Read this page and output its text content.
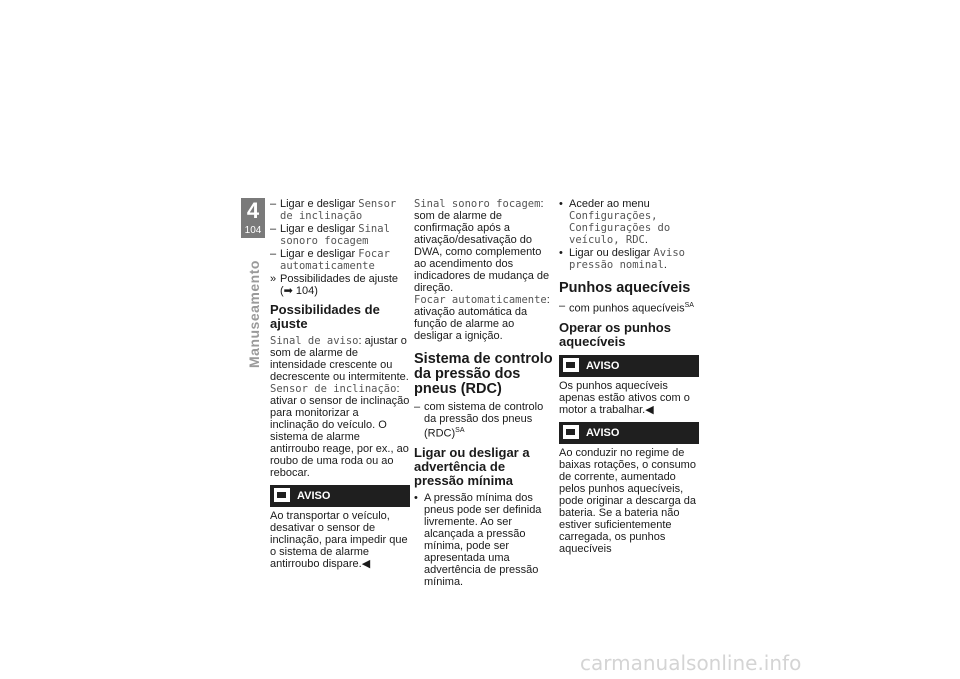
4
104
Manuseamento
– Ligar e desligar Sensor de inclinação
– Ligar e desligar Sinal sonoro focagem
– Ligar e desligar Focar automaticamente
» Possibilidades de ajuste (➡ 104)
Possibilidades de ajuste
Sinal de aviso: ajustar o som de alarme de intensidade crescente ou decrescente ou intermitente.
Sensor de inclinação: ativar o sensor de inclinação para monitorizar a inclinação do veículo. O sistema de alarme antirroubo reage, por ex., ao roubo de uma roda ou ao rebocar.
AVISO
Ao transportar o veículo, desativar o sensor de inclinação, para impedir que o sistema de alarme antirroubo dispare.◀
Sinal sonoro focagem: som de alarme de confirmação após a ativação/desativação do DWA, como complemento ao acendimento dos indicadores de mudança de direção.
Focar automaticamente: ativação automática da função de alarme ao desligar a ignição.
Sistema de controlo da pressão dos pneus (RDC)
– com sistema de controlo da pressão dos pneus (RDC)$^{SA}$
Ligar ou desligar a advertência de pressão mínima
• A pressão mínima dos pneus pode ser definida livremente. Ao ser alcançada a pressão mínima, pode ser apresentada uma advertência de pressão mínima.
• Aceder ao menu Configurações, Configurações do veículo, RDC.
• Ligar ou desligar Aviso pressão nominal.
Punhos aquecíveis
– com punhos aquecíveis$^{SA}$
Operar os punhos aquecíveis
AVISO
Os punhos aquecíveis apenas estão ativos com o motor a trabalhar.◀
AVISO
Ao conduzir no regime de baixas rotações, o consumo de corrente, aumentado pelos punhos aquecíveis, pode originar a descarga da bateria. Se a bateria não estiver suficientemente carregada, os punhos aquecíveis
carmanualsonline.info
